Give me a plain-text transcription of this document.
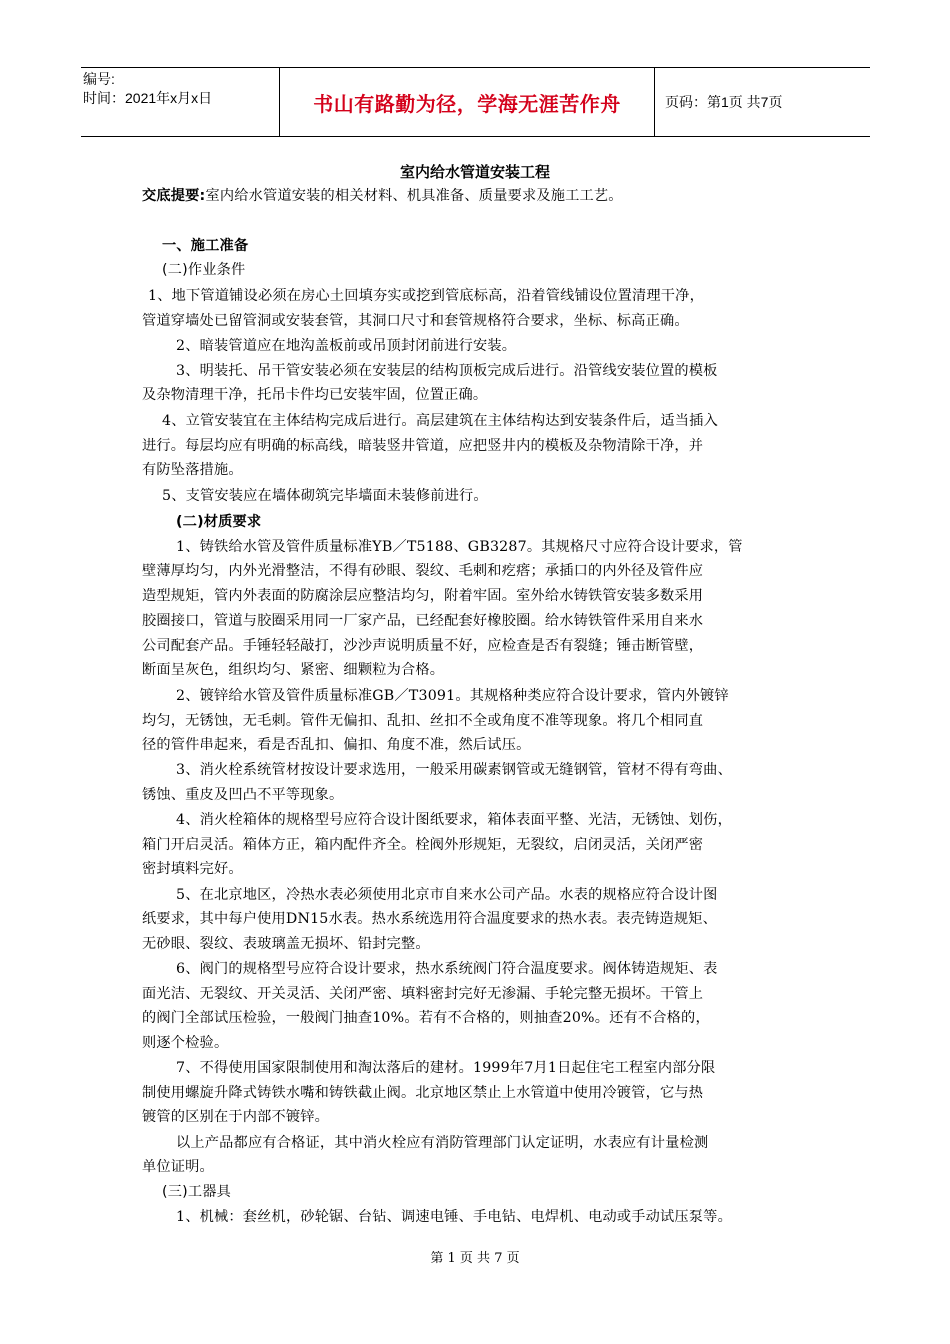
编号:
时间：2021年x月x日	书山有路勤为径，学海无涯苦作舟	页码：第1页 共7页
室内给水管道安装工程
交底提要:室内给水管道安装的相关材料、机具准备、质量要求及施工工艺。
一、施工准备
(二)作业条件
1、地下管道铺设必须在房心土回填夯实或挖到管底标高，沿着管线铺设位置清理干净，
管道穿墙处已留管洞或安装套管，其洞口尺寸和套管规格符合要求，坐标、标高正确。
2、暗装管道应在地沟盖板前或吊顶封闭前进行安装。
3、明装托、吊干管安装必须在安装层的结构顶板完成后进行。沿管线安装位置的模板
及杂物清理干净，托吊卡件均已安装牢固，位置正确。
4、立管安装宜在主体结构完成后进行。高层建筑在主体结构达到安装条件后，适当插入
进行。每层均应有明确的标高线，暗装竖井管道，应把竖井内的模板及杂物清除干净，并
有防坠落措施。
5、支管安装应在墙体砌筑完毕墙面未装修前进行。
(二)材质要求
1、铸铁给水管及管件质量标准YB／T5188、GB3287。其规格尺寸应符合设计要求，管
壁薄厚均匀，内外光滑整洁，不得有砂眼、裂纹、毛刺和疙瘩；承插口的内外径及管件应
造型规矩，管内外表面的防腐涂层应整洁均匀，附着牢固。室外给水铸铁管安装多数采用
胶圈接口，管道与胶圈采用同一厂家产品，已经配套好橡胶圈。给水铸铁管件采用自来水
公司配套产品。手锤轻轻敲打，沙沙声说明质量不好，应检查是否有裂缝；锤击断管壁，
断面呈灰色，组织均匀、紧密、细颗粒为合格。
2、镀锌给水管及管件质量标准GB／T3091。其规格种类应符合设计要求，管内外镀锌
均匀，无锈蚀，无毛刺。管件无偏扣、乱扣、丝扣不全或角度不准等现象。将几个相同直
径的管件串起来，看是否乱扣、偏扣、角度不准，然后试压。
3、消火栓系统管材按设计要求选用，一般采用碳素钢管或无缝钢管，管材不得有弯曲、
锈蚀、重皮及凹凸不平等现象。
4、消火栓箱体的规格型号应符合设计图纸要求，箱体表面平整、光洁，无锈蚀、划伤，
箱门开启灵活。箱体方正，箱内配件齐全。栓阀外形规矩，无裂纹，启闭灵活，关闭严密
密封填料完好。
5、在北京地区，冷热水表必须使用北京市自来水公司产品。水表的规格应符合设计图
纸要求，其中每户使用DN15水表。热水系统选用符合温度要求的热水表。表壳铸造规矩、
无砂眼、裂纹、表玻璃盖无损坏、铅封完整。
6、阀门的规格型号应符合设计要求，热水系统阀门符合温度要求。阀体铸造规矩、表
面光洁、无裂纹、开关灵活、关闭严密、填料密封完好无渗漏、手轮完整无损坏。干管上
的阀门全部试压检验，一般阀门抽查10%。若有不合格的，则抽查20%。还有不合格的，
则逐个检验。
7、不得使用国家限制使用和淘汰落后的建材。1999年7月1日起住宅工程室内部分限
制使用螺旋升降式铸铁水嘴和铸铁截止阀。北京地区禁止上水管道中使用冷镀管，它与热
镀管的区别在于内部不镀锌。
以上产品都应有合格证，其中消火栓应有消防管理部门认定证明，水表应有计量检测
单位证明。
(三)工器具
1、机械：套丝机，砂轮锯、台钻、调速电锤、手电钻、电焊机、电动或手动试压泵等。
第 1 页 共 7 页
